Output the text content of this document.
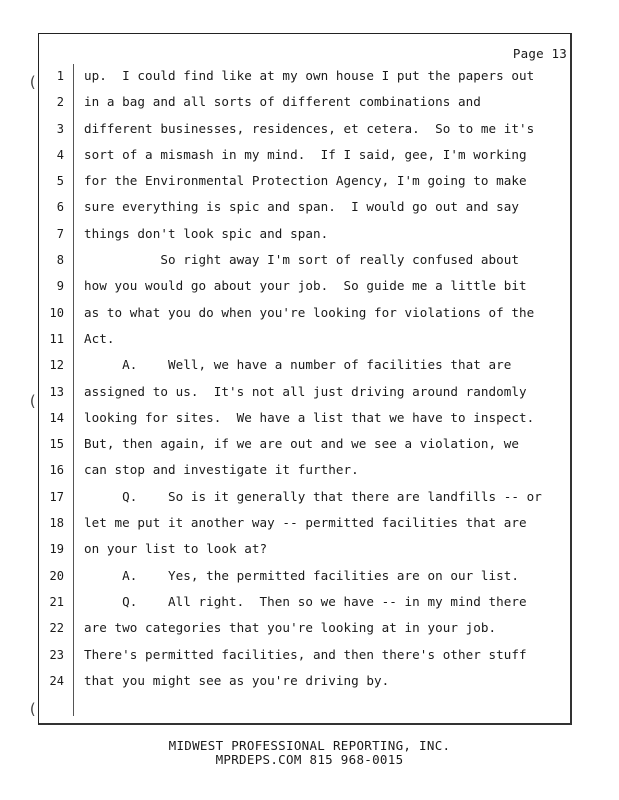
(
(
(
Page 13
1 up.  I could find like at my own house I put the papers out
2 in a bag and all sorts of different combinations and
3 different businesses, residences, et cetera.  So to me it's
4 sort of a mismash in my mind.  If I said, gee, I'm working
5 for the Environmental Protection Agency, I'm going to make
6 sure everything is spic and span.  I would go out and say
7 things don't look spic and span.
8 So right away I'm sort of really confused about
9 how you would go about your job.  So guide me a little bit
10 as to what you do when you're looking for violations of the
11 Act.
12 A.    Well, we have a number of facilities that are
13 assigned to us.  It's not all just driving around randomly
14 looking for sites.  We have a list that we have to inspect.
15 But, then again, if we are out and we see a violation, we
16 can stop and investigate it further.
17 Q.    So is it generally that there are landfills -- or
18 let me put it another way -- permitted facilities that are
19 on your list to look at?
20 A.    Yes, the permitted facilities are on our list.
21 Q.    All right.  Then so we have -- in my mind there
22 are two categories that you're looking at in your job.
23 There's permitted facilities, and then there's other stuff
24 that you might see as you're driving by.
MIDWEST PROFESSIONAL REPORTING, INC.
MPRDEPS.COM 815 968-0015
